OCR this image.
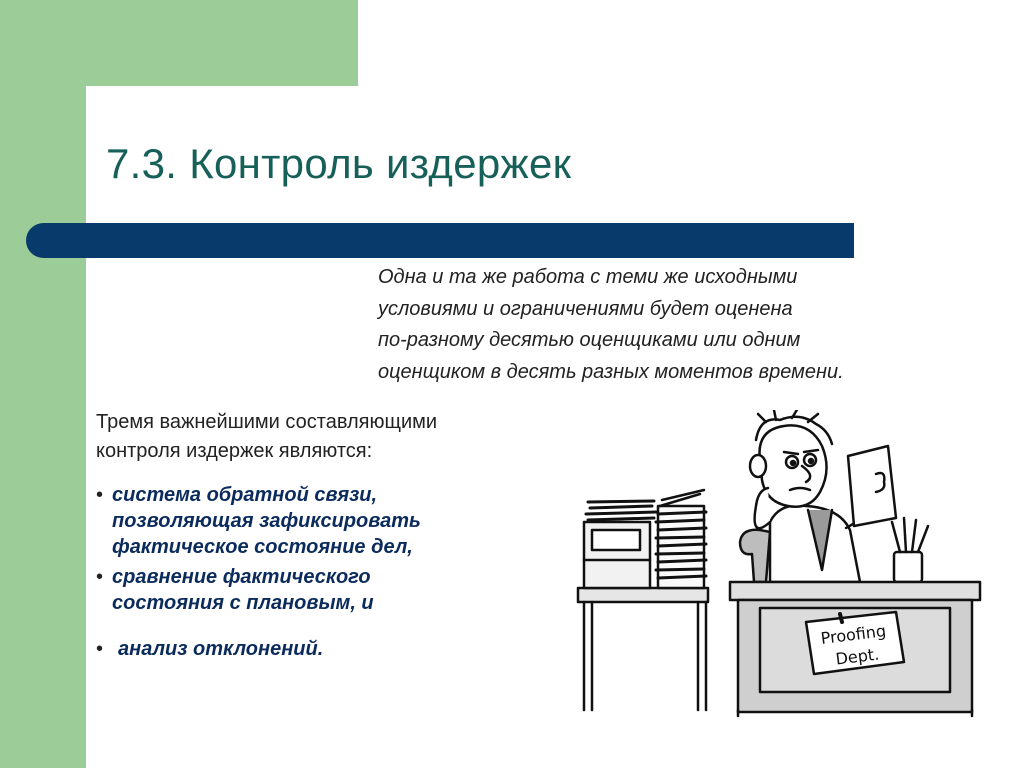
7.3. Контроль издержек
Одна и та же работа с теми же исходными
условиями и ограничениями будет оценена
по-разному десятью оценщиками или одним
оценщиком в десять разных моментов времени.
Тремя важнейшими составляющими
контроля издержек являются:
• система обратной связи,
позволяющая зафиксировать
фактическое состояние дел,
• сравнение фактического
состояния с плановым, и
• анализ отклонений.
Proofing
Dept.
